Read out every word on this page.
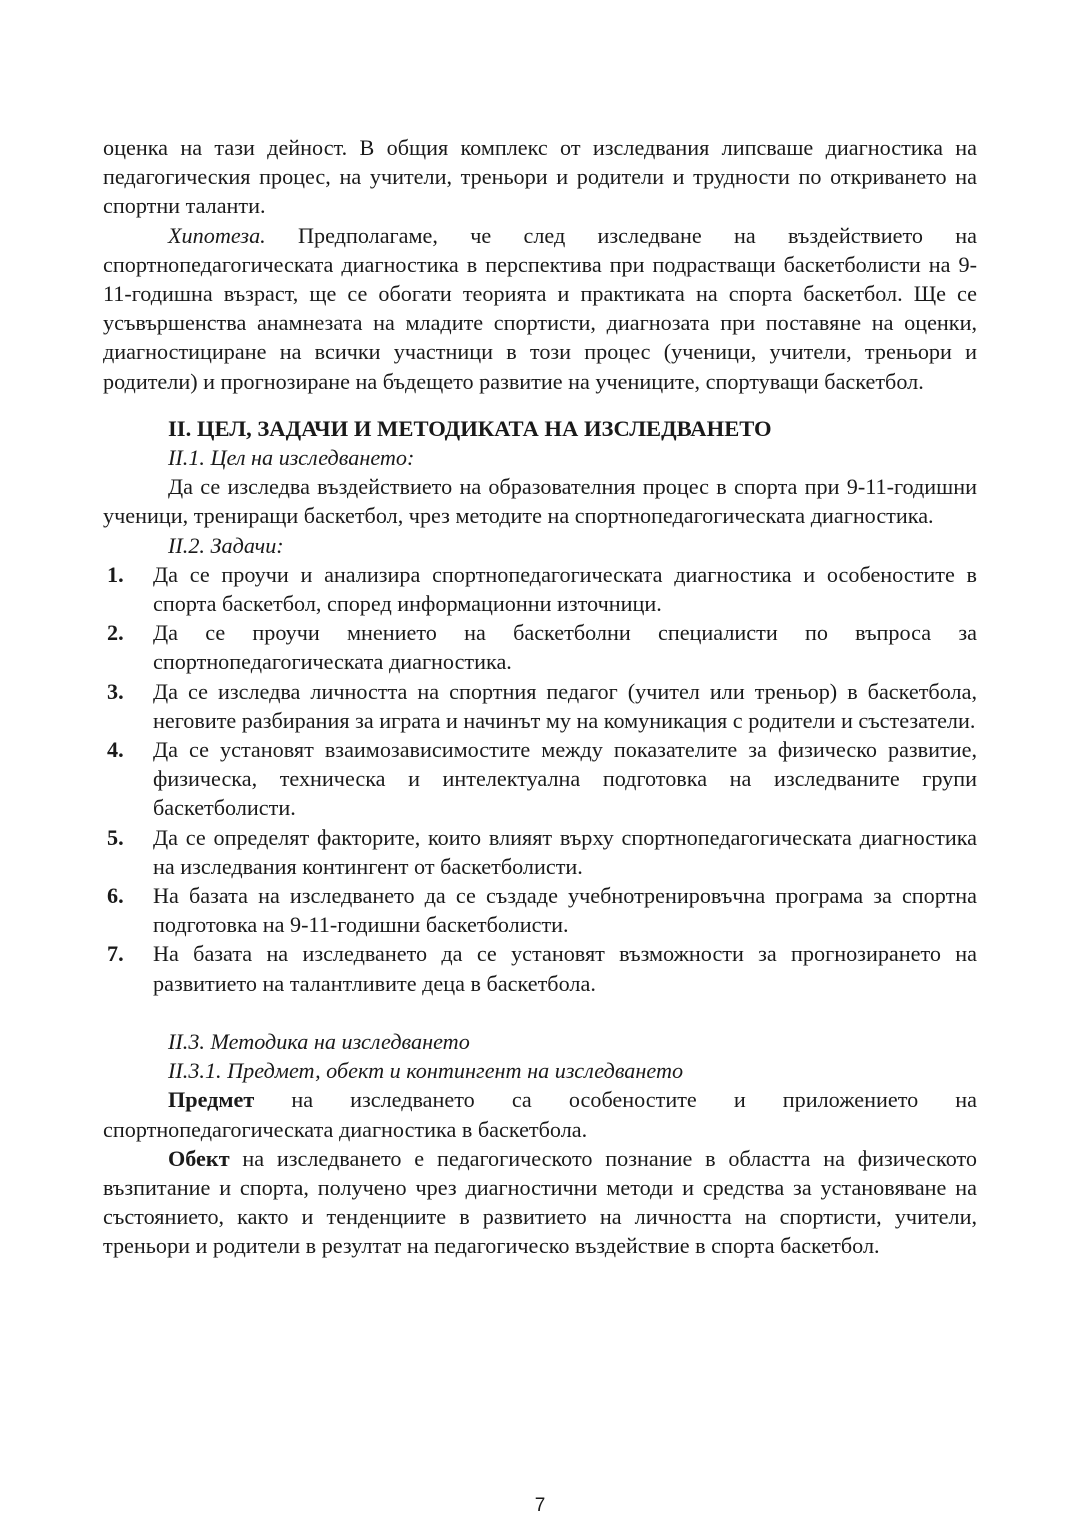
оценка на тази дейност. В общия комплекс от изследвания липсваше диагностика на педагогическия процес, на учители, треньори и родители и трудности по откриването на спортни таланти.

Хипотеза. Предполагаме, че след изследване на въздействието на спортнопедагогическата диагностика в перспектива при подрастващи баскетболисти на 9-11-годишна възраст, ще се обогати теорията и практиката на спорта баскетбол. Ще се усъвършенства анамнезата на младите спортисти, диагнозата при поставяне на оценки, диагностициране на всички участници в този процес (ученици, учители, треньори и родители) и прогнозиране на бъдещето развитие на учениците, спортуващи баскетбол.

II. ЦЕЛ, ЗАДАЧИ И МЕТОДИКАТА НА ИЗСЛЕДВАНЕТО

II.1. Цел на изследването:

Да се изследва въздействието на образователния процес в спорта при 9-11-годишни ученици, трениращи баскетбол, чрез методите на спортнопедагогическата диагностика.

II.2. Задачи:

1. Да се проучи и анализира спортнопедагогическата диагностика и особеностите в спорта баскетбол, според информационни източници.
2. Да се проучи мнението на баскетболни специалисти по въпроса за спортнопедагогическата диагностика.
3. Да се изследва личността на спортния педагог (учител или треньор) в баскетбола, неговите разбирания за играта и начинът му на комуникация с родители и състезатели.
4. Да се установят взаимозависимостите между показателите за физическо развитие, физическа, техническа и интелектуална подготовка на изследваните групи баскетболисти.
5. Да се определят факторите, които влияят върху спортнопедагогическата диагностика на изследвания контингент от баскетболисти.
6. На базата на изследването да се създаде учебнотренировъчна програма за спортна подготовка на 9-11-годишни баскетболисти.
7. На базата на изследването да се установят възможности за прогнозирането на развитието на талантливите деца в баскетбола.

II.3. Методика на изследването

II.3.1. Предмет, обект и контингент на изследването

Предмет на изследването са особеностите и приложението на спортнопедагогическата диагностика в баскетбола.

Обект на изследването е педагогическото познание в областта на физическото възпитание и спорта, получено чрез диагностични методи и средства за установяване на състоянието, както и тенденциите в развитието на личността на спортисти, учители, треньори и родители в резултат на педагогическо въздействие в спорта баскетбол.

7
